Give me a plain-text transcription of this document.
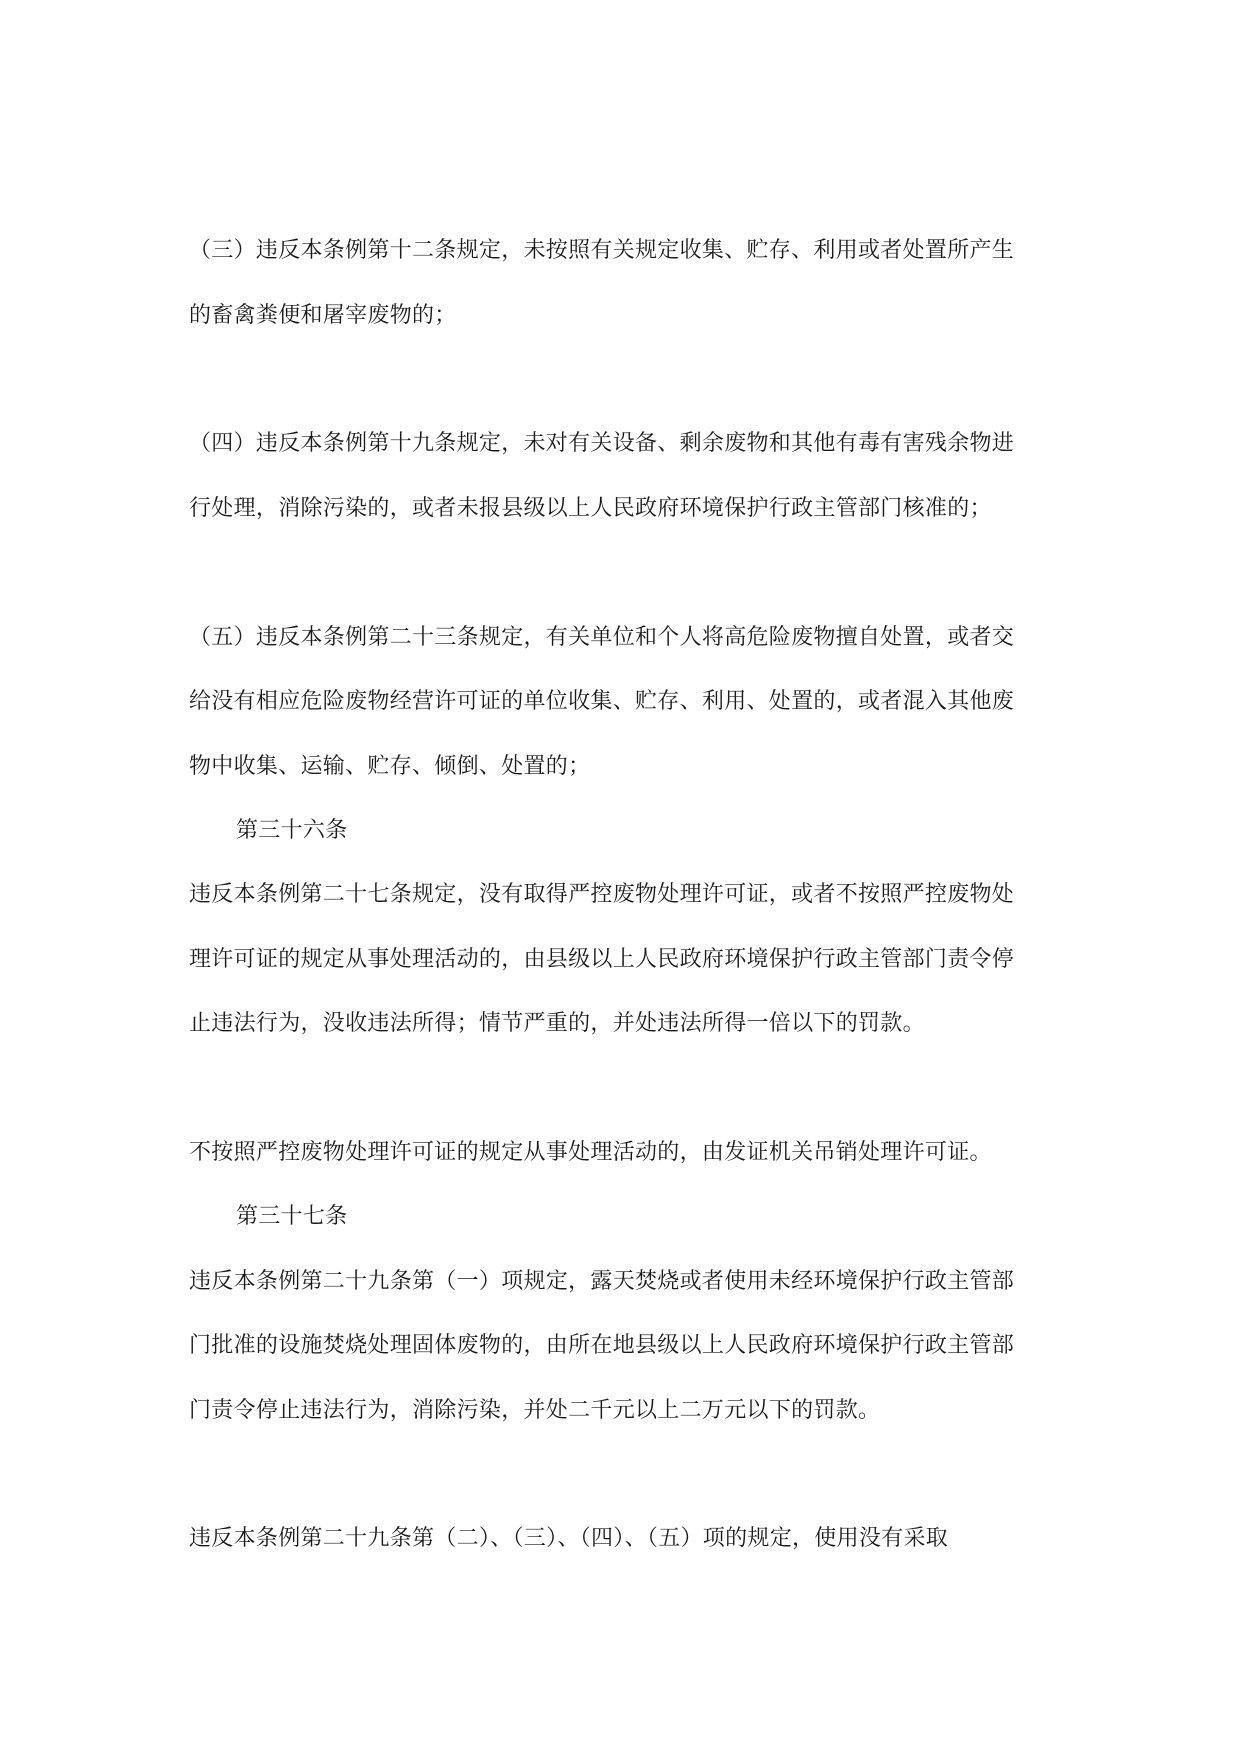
（三）违反本条例第十二条规定，未按照有关规定收集、贮存、利用或者处置所产生
的畜禽粪便和屠宰废物的；
（四）违反本条例第十九条规定，未对有关设备、剩余废物和其他有毒有害残余物进
行处理，消除污染的，或者未报县级以上人民政府环境保护行政主管部门核准的；
（五）违反本条例第二十三条规定，有关单位和个人将高危险废物擅自处置，或者交
给没有相应危险废物经营许可证的单位收集、贮存、利用、处置的，或者混入其他废
物中收集、运输、贮存、倾倒、处置的；
第三十六条
违反本条例第二十七条规定，没有取得严控废物处理许可证，或者不按照严控废物处
理许可证的规定从事处理活动的，由县级以上人民政府环境保护行政主管部门责令停
止违法行为，没收违法所得；情节严重的，并处违法所得一倍以下的罚款。
不按照严控废物处理许可证的规定从事处理活动的，由发证机关吊销处理许可证。
第三十七条
违反本条例第二十九条第（一）项规定，露天焚烧或者使用未经环境保护行政主管部
门批准的设施焚烧处理固体废物的，由所在地县级以上人民政府环境保护行政主管部
门责令停止违法行为，消除污染，并处二千元以上二万元以下的罚款。
违反本条例第二十九条第（二）、（三）、（四）、（五）项的规定，使用没有采取
